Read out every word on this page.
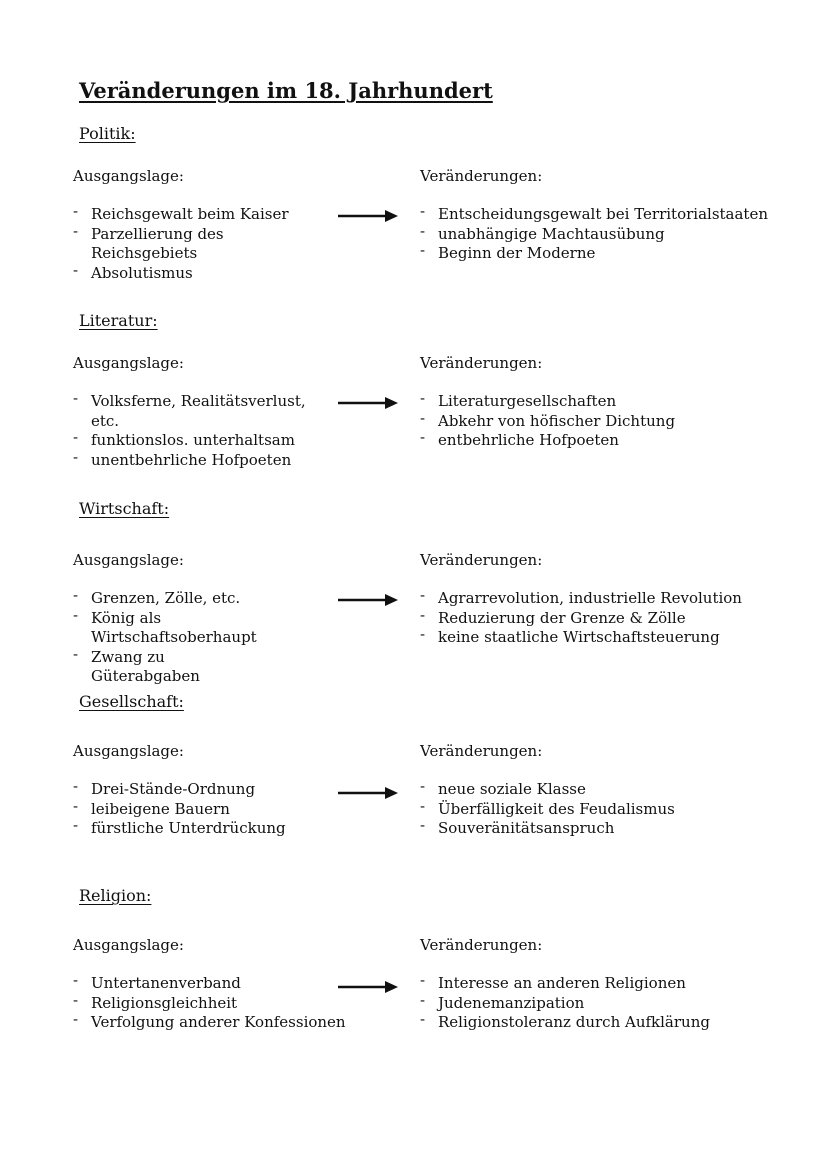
Veränderungen im 18. Jahrhundert
Politik:
Ausgangslage:	Veränderungen:
- Reichsgewalt beim Kaiser
- Parzellierung des Reichsgebiets
- Absolutismus
- Entscheidungsgewalt bei Territorialstaaten
- unabhängige Machtausübung
- Beginn der Moderne
Literatur:
Ausgangslage:	Veränderungen:
- Volksferne, Realitätsverlust, etc.
- funktionslos. unterhaltsam
- unentbehrliche Hofpoeten
- Literaturgesellschaften
- Abkehr von höfischer Dichtung
- entbehrliche Hofpoeten
Wirtschaft:
Ausgangslage:	Veränderungen:
- Grenzen, Zölle, etc.
- König als Wirtschaftsoberhaupt
- Zwang zu Güterabgaben
- Agrarrevolution, industrielle Revolution
- Reduzierung der Grenze & Zölle
- keine staatliche Wirtschaftsteuerung
Gesellschaft:
Ausgangslage:	Veränderungen:
- Drei-Stände-Ordnung
- leibeigene Bauern
- fürstliche Unterdrückung
- neue soziale Klasse
- Überfälligkeit des Feudalismus
- Souveränitätsanspruch
Religion:
Ausgangslage:	Veränderungen:
- Untertanenverband
- Religionsgleichheit
- Verfolgung anderer Konfessionen
- Interesse an anderen Religionen
- Judenemanzipation
- Religionstoleranz durch Aufklärung
